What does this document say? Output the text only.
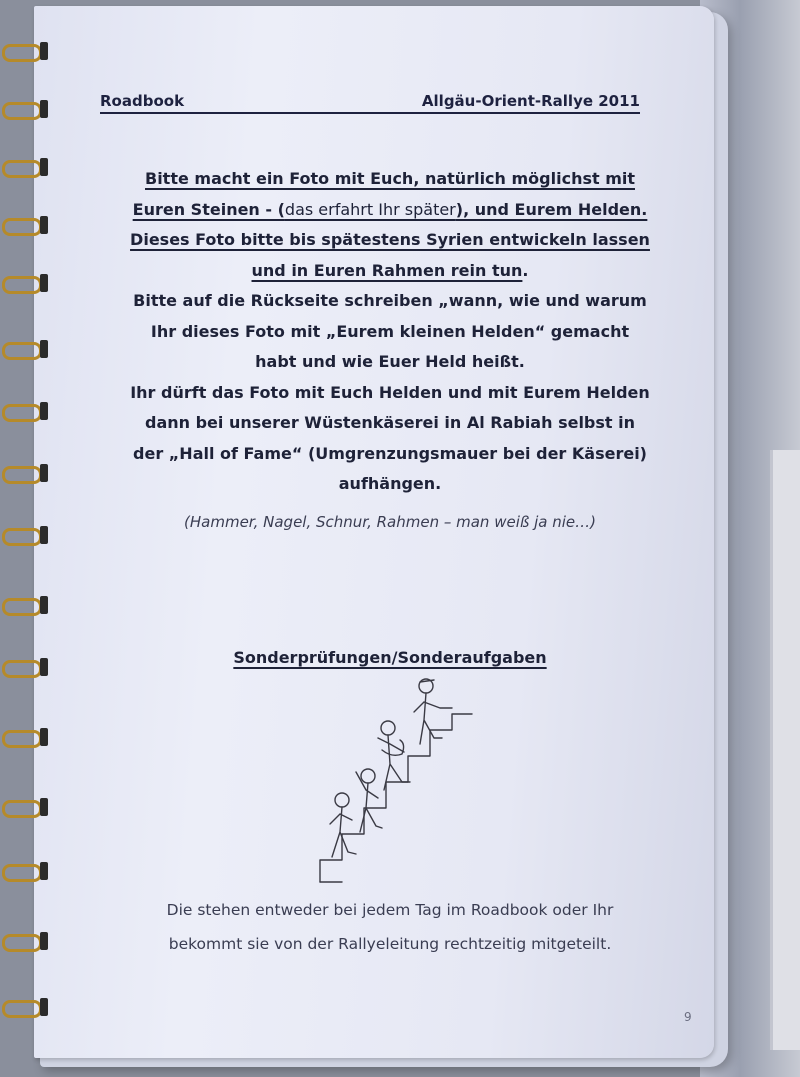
Roadbook	Allgäu-Orient-Rallye 2011
Bitte macht ein Foto mit Euch, natürlich möglichst mit
Euren Steinen - (das erfahrt Ihr später), und Eurem Helden.
Dieses Foto bitte bis spätestens Syrien entwickeln lassen
und in Euren Rahmen rein tun.
Bitte auf die Rückseite schreiben „wann, wie und warum
Ihr dieses Foto mit „Eurem kleinen Helden“ gemacht
habt und wie Euer Held heißt.
Ihr dürft das Foto mit Euch Helden und mit Eurem Helden
dann bei unserer Wüstenkäserei in Al Rabiah selbst in
der „Hall of Fame“ (Umgrenzungsmauer bei der Käserei)
aufhängen.
(Hammer, Nagel, Schnur, Rahmen – man weiß ja nie…)
Sonderprüfungen/Sonderaufgaben
Die stehen entweder bei jedem Tag im Roadbook oder Ihr
bekommt sie von der Rallyeleitung rechtzeitig mitgeteilt.
9
